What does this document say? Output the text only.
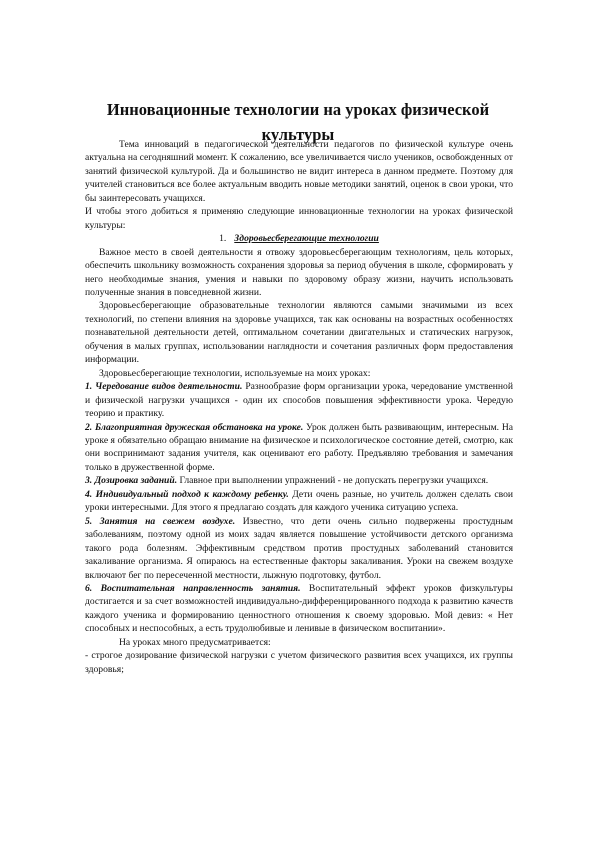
Инновационные технологии на уроках физической культуры

Тема инноваций в педагогической деятельности педагогов по физической культуре очень актуальна на сегодняшний момент. К сожалению, все увеличивается число учеников, освобожденных от занятий физической культурой. Да и большинство не видит интереса в данном предмете. Поэтому для учителей становиться все более актуальным вводить новые методики занятий, оценок в свои уроки, что бы заинтересовать учащихся.

И чтобы этого добиться я применяю следующие инновационные технологии на уроках физической культуры:

1. Здоровьесберегающие технологии

Важное место в своей деятельности я отвожу здоровьесберегающим технологиям, цель которых, обеспечить школьнику возможность сохранения здоровья за период обучения в школе, сформировать у него необходимые знания, умения и навыки по здоровому образу жизни, научить использовать полученные знания в повседневной жизни.

Здоровьесберегающие образовательные технологии являются самыми значимыми из всех технологий, по степени влияния на здоровье учащихся, так как основаны на возрастных особенностях познавательной деятельности детей, оптимальном сочетании двигательных и статических нагрузок, обучения в малых группах, использовании наглядности и сочетания различных форм предоставления информации.

Здоровьесберегающие технологии, используемые на моих уроках:

1. Чередование видов деятельности. Разнообразие форм организации урока, чередование умственной и физической нагрузки учащихся - один их способов повышения эффективности урока. Чередую теорию и практику.

2. Благоприятная дружеская обстановка на уроке. Урок должен быть развивающим, интересным. На уроке я обязательно обращаю внимание на физическое и психологическое состояние детей, смотрю, как они воспринимают задания учителя, как оценивают его работу. Предъявляю требования и замечания только в дружественной форме.

3. Дозировка заданий. Главное при выполнении упражнений - не допускать перегрузки учащихся.

4. Индивидуальный подход к каждому ребенку. Дети очень разные, но учитель должен сделать свои уроки интересными. Для этого я предлагаю создать для каждого ученика ситуацию успеха.

5. Занятия на свежем воздухе. Известно, что дети очень сильно подвержены простудным заболеваниям, поэтому одной из моих задач является повышение устойчивости детского организма такого рода болезням. Эффективным средством против простудных заболеваний становится закаливание организма. Я опираюсь на естественные факторы закаливания. Уроки на свежем воздухе включают бег по пересеченной местности, лыжную подготовку, футбол.

6. Воспитательная направленность занятия. Воспитательный эффект уроков физкультуры достигается и за счет возможностей индивидуально-дифференцированного подхода к развитию качеств каждого ученика и формированию ценностного отношения к своему здоровью. Мой девиз: « Нет способных и неспособных, а есть трудолюбивые и ленивые в физическом воспитании».

На уроках много предусматривается:

- строгое дозирование физической нагрузки с учетом физического развития всех учащихся, их группы здоровья;
